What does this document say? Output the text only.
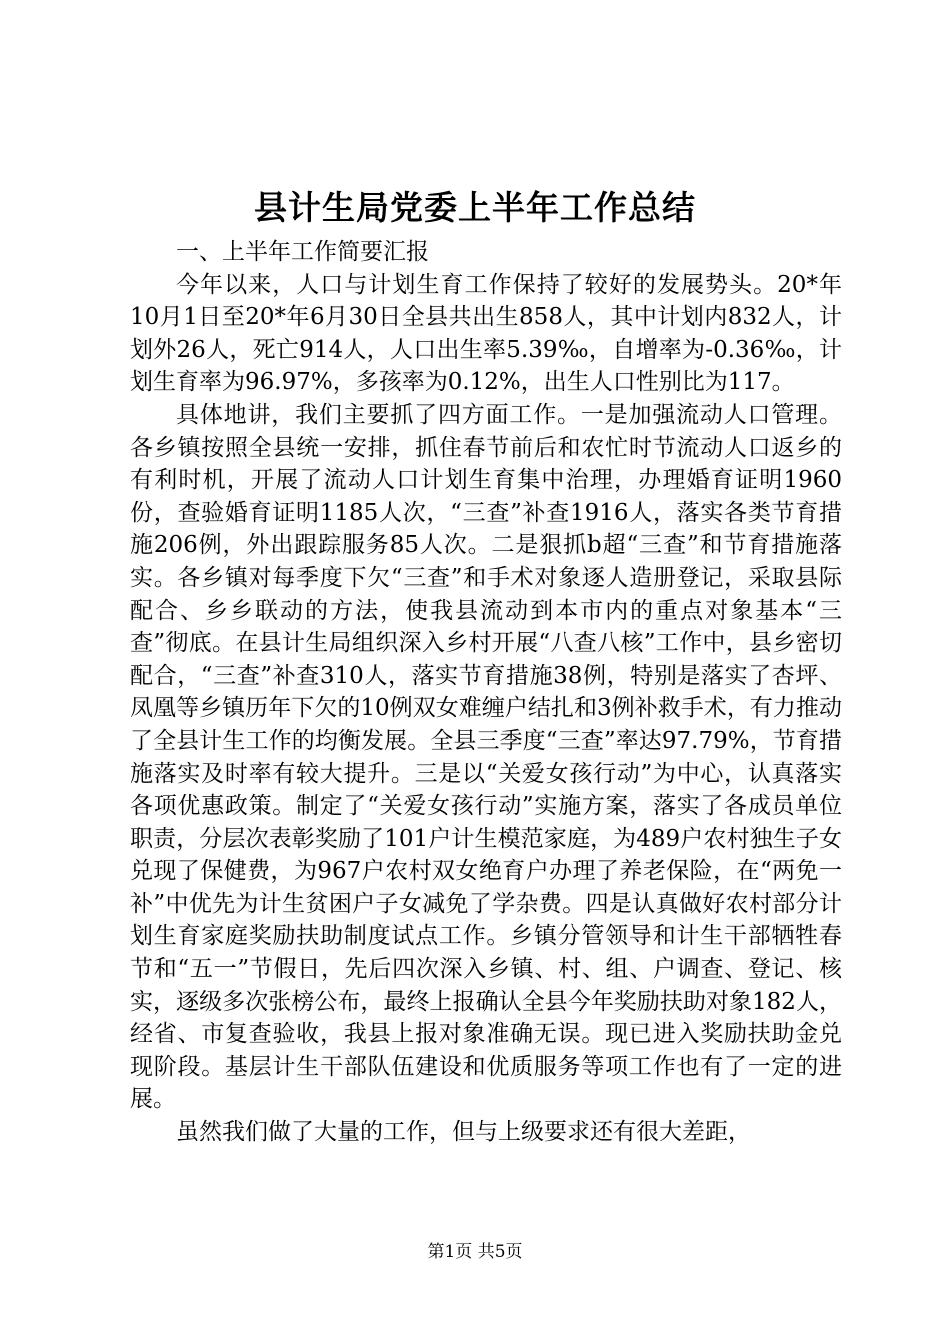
县计生局党委上半年工作总结

一、上半年工作简要汇报

今年以来，人口与计划生育工作保持了较好的发展势头。20*年10月1日至20*年6月30日全县共出生858人，其中计划内832人，计划外26人，死亡914人，人口出生率5.39‰，自增率为-0.36‰，计划生育率为96.97%，多孩率为0.12%，出生人口性别比为117。

具体地讲，我们主要抓了四方面工作。一是加强流动人口管理。各乡镇按照全县统一安排，抓住春节前后和农忙时节流动人口返乡的有利时机，开展了流动人口计划生育集中治理，办理婚育证明1960份，查验婚育证明1185人次，“三查”补查1916人，落实各类节育措施206例，外出跟踪服务85人次。二是狠抓b超“三查”和节育措施落实。各乡镇对每季度下欠“三查”和手术对象逐人造册登记，采取县际配合、乡乡联动的方法，使我县流动到本市内的重点对象基本“三查”彻底。在县计生局组织深入乡村开展“八查八核”工作中，县乡密切配合，“三查”补查310人，落实节育措施38例，特别是落实了杏坪、凤凰等乡镇历年下欠的10例双女难缠户结扎和3例补救手术，有力推动了全县计生工作的均衡发展。全县三季度“三查”率达97.79%，节育措施落实及时率有较大提升。三是以“关爱女孩行动”为中心，认真落实各项优惠政策。制定了“关爱女孩行动”实施方案，落实了各成员单位职责，分层次表彰奖励了101户计生模范家庭，为489户农村独生子女兑现了保健费，为967户农村双女绝育户办理了养老保险，在“两免一补”中优先为计生贫困户子女减免了学杂费。四是认真做好农村部分计划生育家庭奖励扶助制度试点工作。乡镇分管领导和计生干部牺牲春节和“五一”节假日，先后四次深入乡镇、村、组、户调查、登记、核实，逐级多次张榜公布，最终上报确认全县今年奖励扶助对象182人，经省、市复查验收，我县上报对象准确无误。现已进入奖励扶助金兑现阶段。基层计生干部队伍建设和优质服务等项工作也有了一定的进展。

虽然我们做了大量的工作，但与上级要求还有很大差距，

第1页 共5页
